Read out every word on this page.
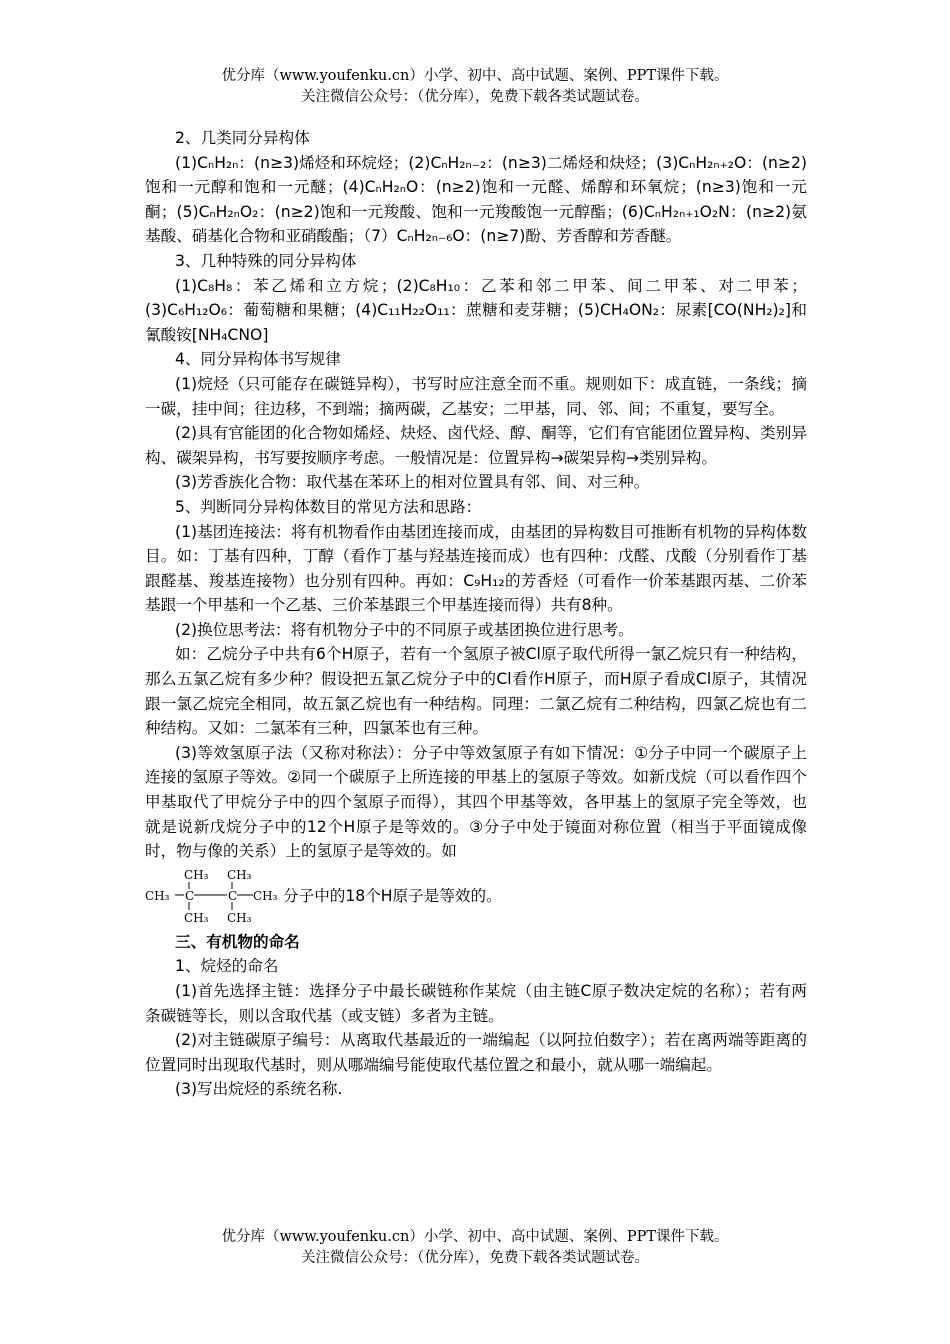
优分库（www.youfenku.cn）小学、初中、高中试题、案例、PPT课件下载。
关注微信公众号：（优分库），免费下载各类试题试卷。

2、几类同分异构体

(1)CₙH₂ₙ：(n≥3)烯烃和环烷烃；(2)CₙH₂ₙ₋₂：(n≥3)二烯烃和炔烃；(3)CₙH₂ₙ₊₂O：(n≥2)饱和一元醇和饱和一元醚；(4)CₙH₂ₙO：(n≥2)饱和一元醛、烯醇和环氧烷；(n≥3)饱和一元酮；(5)CₙH₂ₙO₂：(n≥2)饱和一元羧酸、饱和一元羧酸饱一元醇酯；(6)CₙH₂ₙ₊₁O₂N：(n≥2)氨基酸、硝基化合物和亚硝酸酯；（7）CₙH₂ₙ₋₆O：(n≥7)酚、芳香醇和芳香醚。

3、几种特殊的同分异构体

(1)C₈H₈：苯乙烯和立方烷；(2)C₈H₁₀：乙苯和邻二甲苯、间二甲苯、对二甲苯；(3)C₆H₁₂O₆：葡萄糖和果糖；(4)C₁₁H₂₂O₁₁：蔗糖和麦芽糖；(5)CH₄ON₂：尿素[CO(NH₂)₂]和氰酸铵[NH₄CNO]

4、同分异构体书写规律

(1)烷烃（只可能存在碳链异构），书写时应注意全而不重。规则如下：成直链，一条线；摘一碳，挂中间；往边移，不到端；摘两碳，乙基安；二甲基，同、邻、间；不重复，要写全。

(2)具有官能团的化合物如烯烃、炔烃、卤代烃、醇、酮等，它们有官能团位置异构、类别异构、碳架异构，书写要按顺序考虑。一般情况是：位置异构→碳架异构→类别异构。

(3)芳香族化合物：取代基在苯环上的相对位置具有邻、间、对三种。

5、判断同分异构体数目的常见方法和思路：

(1)基团连接法：将有机物看作由基团连接而成，由基团的异构数目可推断有机物的异构体数目。如：丁基有四种，丁醇（看作丁基与羟基连接而成）也有四种：戊醛、戊酸（分别看作丁基跟醛基、羧基连接物）也分别有四种。再如：C₉H₁₂的芳香烃（可看作一价苯基跟丙基、二价苯基跟一个甲基和一个乙基、三价苯基跟三个甲基连接而得）共有8种。

(2)换位思考法：将有机物分子中的不同原子或基团换位进行思考。

如：乙烷分子中共有6个H原子，若有一个氢原子被Cl原子取代所得一氯乙烷只有一种结构，那么五氯乙烷有多少种？假设把五氯乙烷分子中的Cl看作H原子，而H原子看成Cl原子，其情况跟一氯乙烷完全相同，故五氯乙烷也有一种结构。同理：二氯乙烷有二种结构，四氯乙烷也有二种结构。又如：二氯苯有三种，四氯苯也有三种。

(3)等效氢原子法（又称对称法）：分子中等效氢原子有如下情况：①分子中同一个碳原子上连接的氢原子等效。②同一个碳原子上所连接的甲基上的氢原子等效。如新戊烷（可以看作四个甲基取代了甲烷分子中的四个氢原子而得），其四个甲基等效，各甲基上的氢原子完全等效，也就是说新戊烷分子中的12个H原子是等效的。③分子中处于镜面对称位置（相当于平面镜成像时，物与像的关系）上的氢原子是等效的。如

CH₃ CH₃
CH₃ C	C CH₃
CH₃ CH₃
分子中的18个H原子是等效的。

三、有机物的命名

1、烷烃的命名

(1)首先选择主链：选择分子中最长碳链称作某烷（由主链C原子数决定烷的名称）；若有两条碳链等长，则以含取代基（或支链）多者为主链。

(2)对主链碳原子编号：从离取代基最近的一端编起（以阿拉伯数字）；若在离两端等距离的位置同时出现取代基时，则从哪端编号能使取代基位置之和最小，就从哪一端编起。

(3)写出烷烃的系统名称.

优分库（www.youfenku.cn）小学、初中、高中试题、案例、PPT课件下载。
关注微信公众号：（优分库），免费下载各类试题试卷。
